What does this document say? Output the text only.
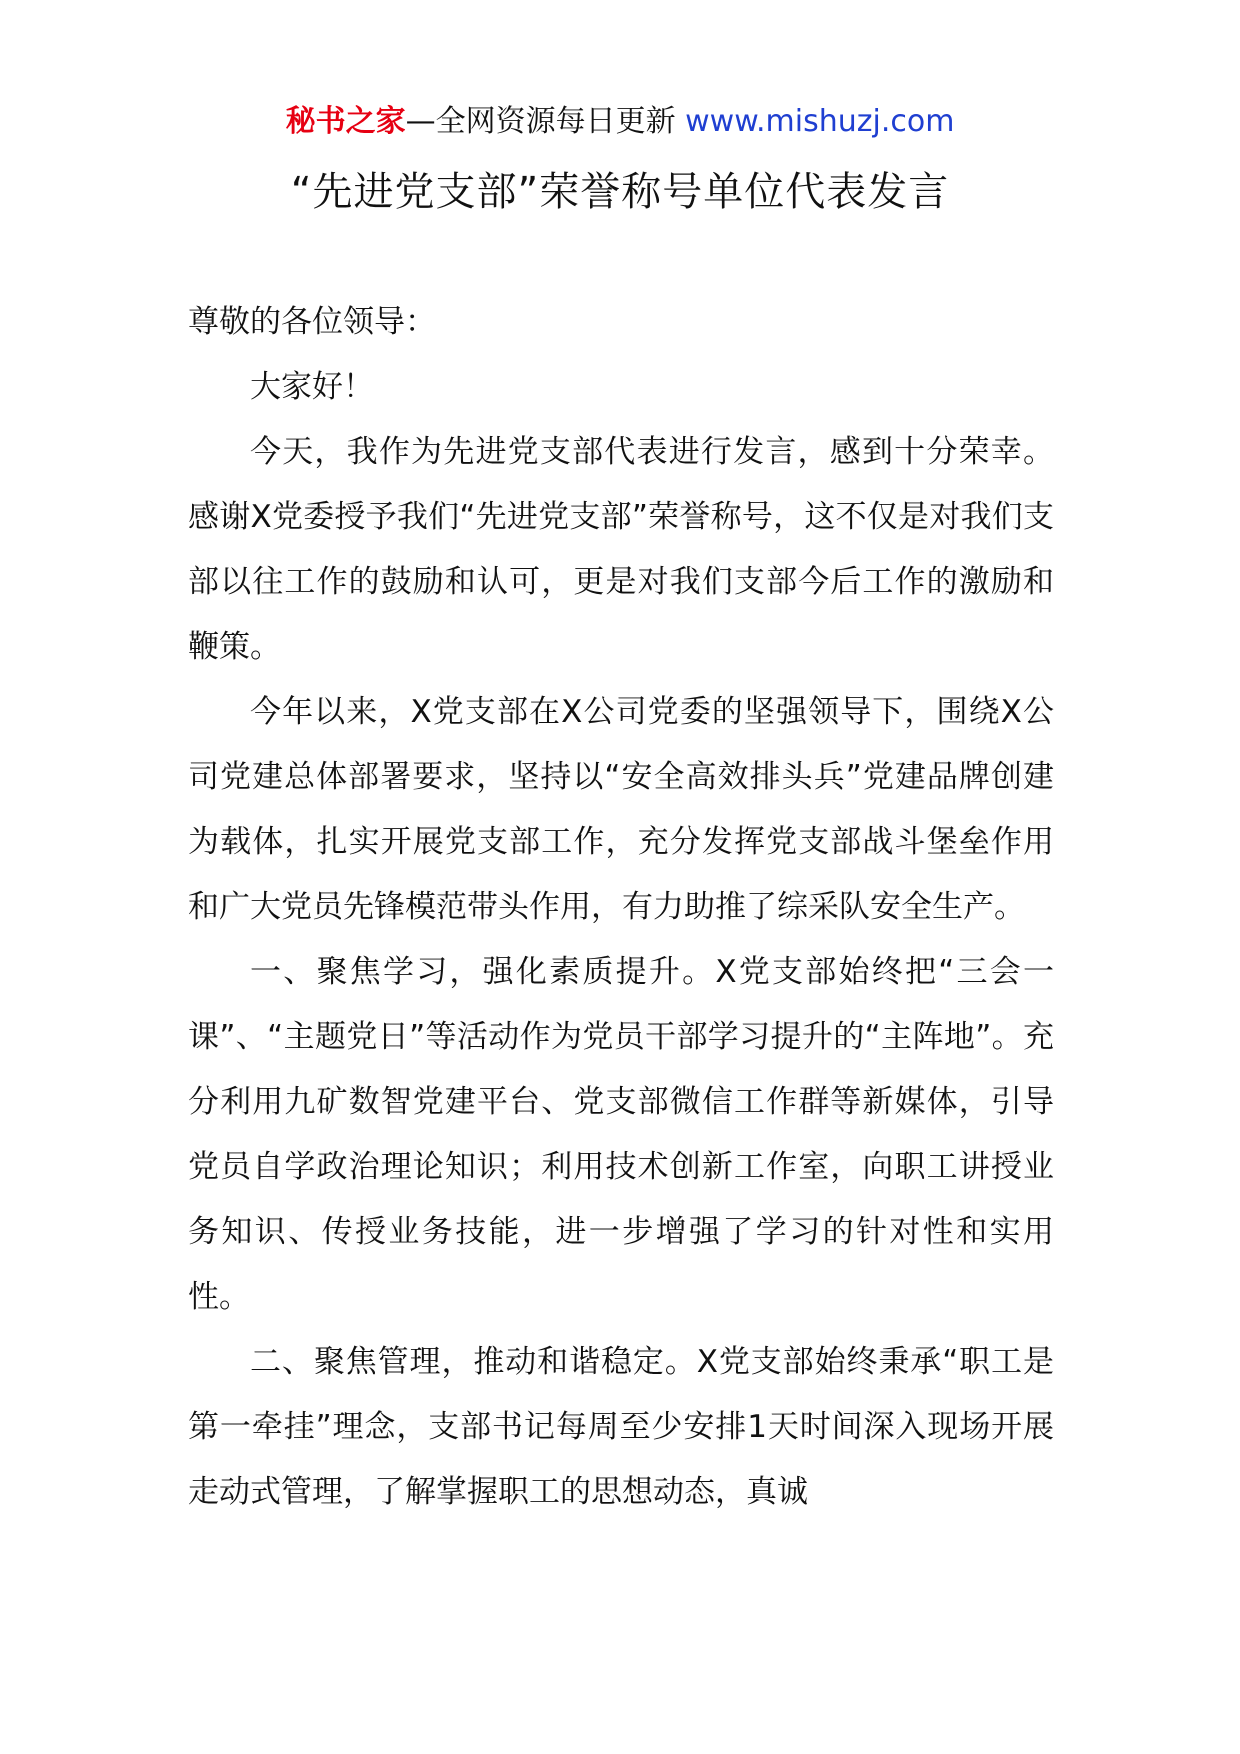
秘书之家—全网资源每日更新 www.mishuzj.com
“先进党支部”荣誉称号单位代表发言

尊敬的各位领导：

大家好！

今天，我作为先进党支部代表进行发言，感到十分荣幸。感谢X党委授予我们“先进党支部”荣誉称号，这不仅是对我们支部以往工作的鼓励和认可，更是对我们支部今后工作的激励和鞭策。

今年以来，X党支部在X公司党委的坚强领导下，围绕X公司党建总体部署要求，坚持以“安全高效排头兵”党建品牌创建为载体，扎实开展党支部工作，充分发挥党支部战斗堡垒作用和广大党员先锋模范带头作用，有力助推了综采队安全生产。

一、聚焦学习，强化素质提升。X党支部始终把“三会一课”、“主题党日”等活动作为党员干部学习提升的“主阵地”。充分利用九矿数智党建平台、党支部微信工作群等新媒体，引导党员自学政治理论知识；利用技术创新工作室，向职工讲授业务知识、传授业务技能，进一步增强了学习的针对性和实用性。

二、聚焦管理，推动和谐稳定。X党支部始终秉承“职工是第一牵挂”理念，支部书记每周至少安排1天时间深入现场开展走动式管理，了解掌握职工的思想动态，真诚
